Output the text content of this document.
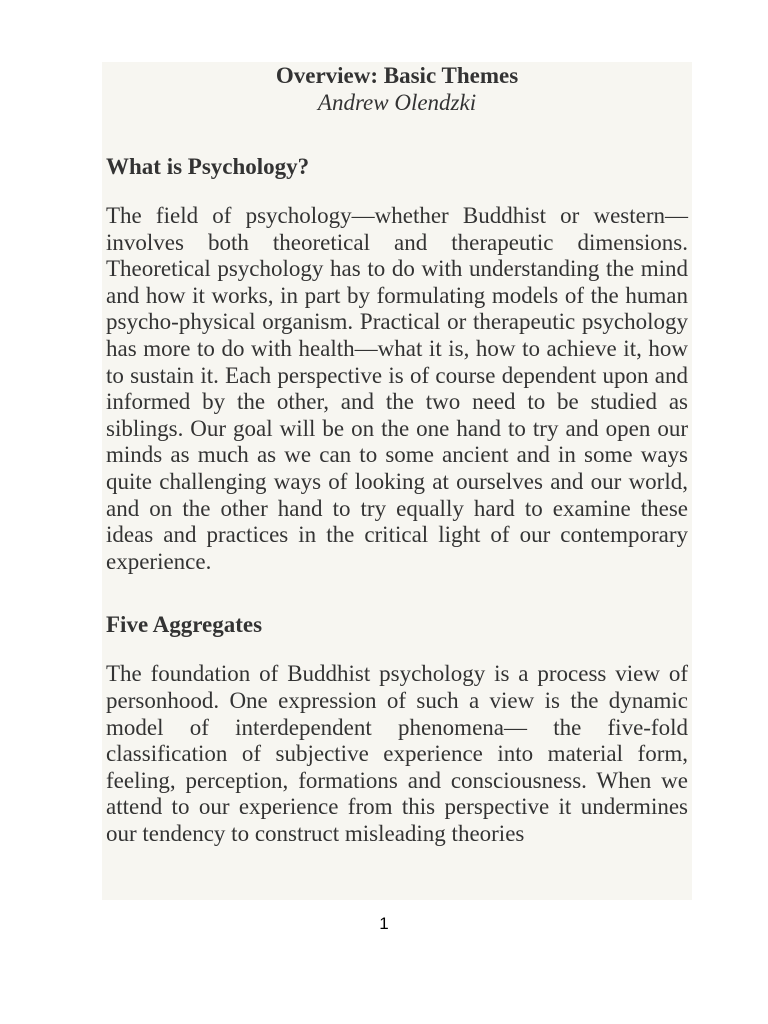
Overview: Basic Themes

Andrew Olendzki

What is Psychology?

The field of psychology—whether Buddhist or western—involves both theoretical and therapeutic dimensions. Theoretical psychology has to do with understanding the mind and how it works, in part by formulating models of the human psycho-physical organism. Practical or therapeutic psychology has more to do with health—what it is, how to achieve it, how to sustain it. Each perspective is of course dependent upon and informed by the other, and the two need to be studied as siblings. Our goal will be on the one hand to try and open our minds as much as we can to some ancient and in some ways quite challenging ways of looking at ourselves and our world, and on the other hand to try equally hard to examine these ideas and practices in the critical light of our contemporary experience.

Five Aggregates

The foundation of Buddhist psychology is a process view of personhood. One expression of such a view is the dynamic model of interdependent phenomena— the five-fold classification of subjective experience into material form, feeling, perception, formations and consciousness. When we attend to our experience from this perspective it undermines our tendency to construct misleading theories

1
